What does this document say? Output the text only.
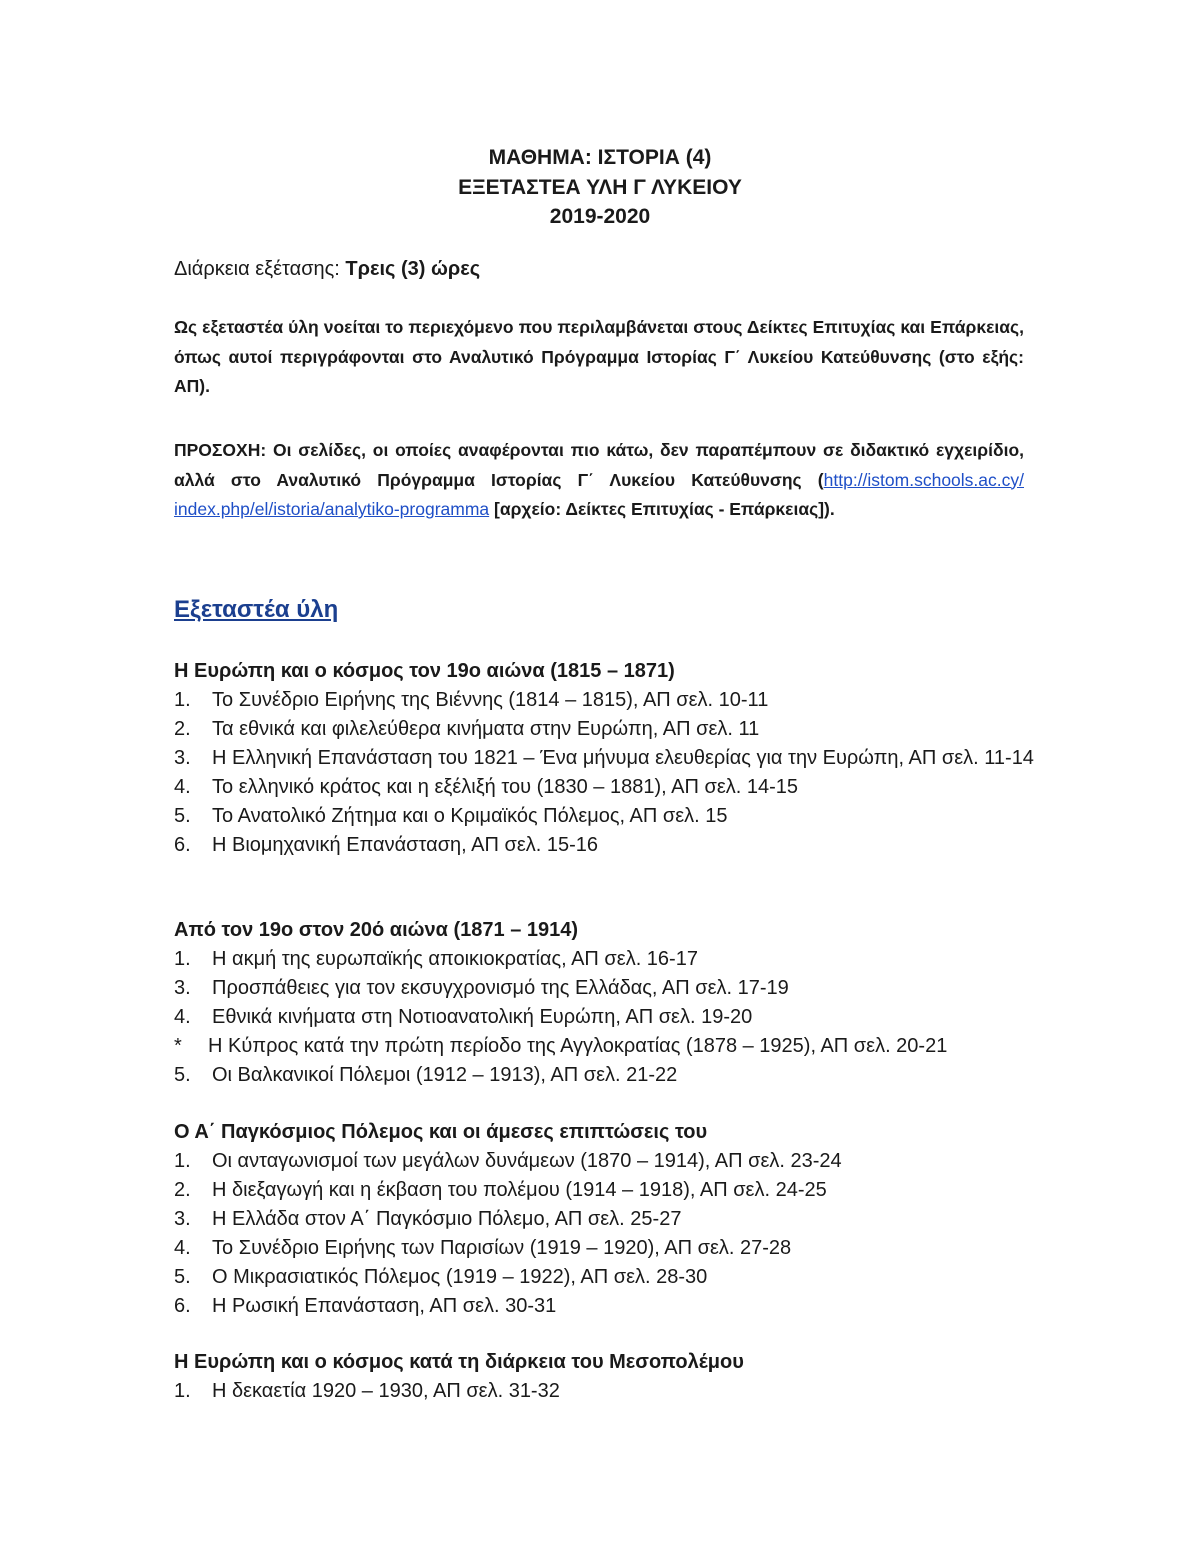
ΜΑΘΗΜΑ: ΙΣΤΟΡΙΑ (4)
ΕΞΕΤΑΣΤΕΑ ΥΛΗ Γ ΛΥΚΕΙΟΥ
2019-2020
Διάρκεια εξέτασης: Τρεις (3) ώρες
Ως εξεταστέα ύλη νοείται το περιεχόμενο που περιλαμβάνεται στους Δείκτες Επιτυχίας και Επάρκειας, όπως αυτοί περιγράφονται στο Αναλυτικό Πρόγραμμα Ιστορίας Γ΄ Λυκείου Κατεύθυνσης (στο εξής: ΑΠ).
ΠΡΟΣΟΧΗ: Οι σελίδες, οι οποίες αναφέρονται πιο κάτω, δεν παραπέμπουν σε διδακτικό εγχειρίδιο, αλλά στο Αναλυτικό Πρόγραμμα Ιστορίας Γ΄ Λυκείου Κατεύθυνσης (http://istom.schools.ac.cy/ index.php/el/istoria/analytiko-programma [αρχείο: Δείκτες Επιτυχίας - Επάρκειας]).
Εξεταστέα ύλη
Η Ευρώπη και ο κόσμος τον 19ο αιώνα (1815 – 1871)
1.	Το Συνέδριο Ειρήνης της Βιέννης (1814 – 1815), ΑΠ σελ. 10-11
2.	Τα εθνικά και φιλελεύθερα κινήματα στην Ευρώπη, ΑΠ σελ. 11
3.	Η Ελληνική Επανάσταση του 1821 – Ένα μήνυμα ελευθερίας για την Ευρώπη, ΑΠ σελ. 11-14
4.	Το ελληνικό κράτος και η εξέλιξή του (1830 – 1881), ΑΠ σελ. 14-15
5.	Το Ανατολικό Ζήτημα και ο Κριμαϊκός Πόλεμος, ΑΠ σελ. 15
6.	Η Βιομηχανική Επανάσταση, ΑΠ σελ. 15-16
Από τον 19ο στον 20ό αιώνα (1871 – 1914)
1.	Η ακμή της ευρωπαϊκής αποικιοκρατίας, ΑΠ σελ. 16-17
3.	Προσπάθειες για τον εκσυγχρονισμό της Ελλάδας, ΑΠ σελ. 17-19
4.	Εθνικά κινήματα στη Νοτιοανατολική Ευρώπη, ΑΠ σελ. 19-20
*	Η Κύπρος κατά την πρώτη περίοδο της Αγγλοκρατίας (1878 – 1925), ΑΠ σελ. 20-21
5.	Οι Βαλκανικοί Πόλεμοι (1912 – 1913), ΑΠ σελ. 21-22
Ο Α΄ Παγκόσμιος Πόλεμος και οι άμεσες επιπτώσεις του
1.	Οι ανταγωνισμοί των μεγάλων δυνάμεων (1870 – 1914), ΑΠ σελ. 23-24
2.	Η διεξαγωγή και η έκβαση του πολέμου (1914 – 1918), ΑΠ σελ. 24-25
3.	Η Ελλάδα στον Α΄ Παγκόσμιο Πόλεμο, ΑΠ σελ. 25-27
4.	Το Συνέδριο Ειρήνης των Παρισίων (1919 – 1920), ΑΠ σελ. 27-28
5.	Ο Μικρασιατικός Πόλεμος (1919 – 1922), ΑΠ σελ. 28-30
6.	Η Ρωσική Επανάσταση, ΑΠ σελ. 30-31
Η Ευρώπη και ο κόσμος κατά τη διάρκεια του Μεσοπολέμου
1.	Η δεκαετία 1920 – 1930, ΑΠ σελ. 31-32
